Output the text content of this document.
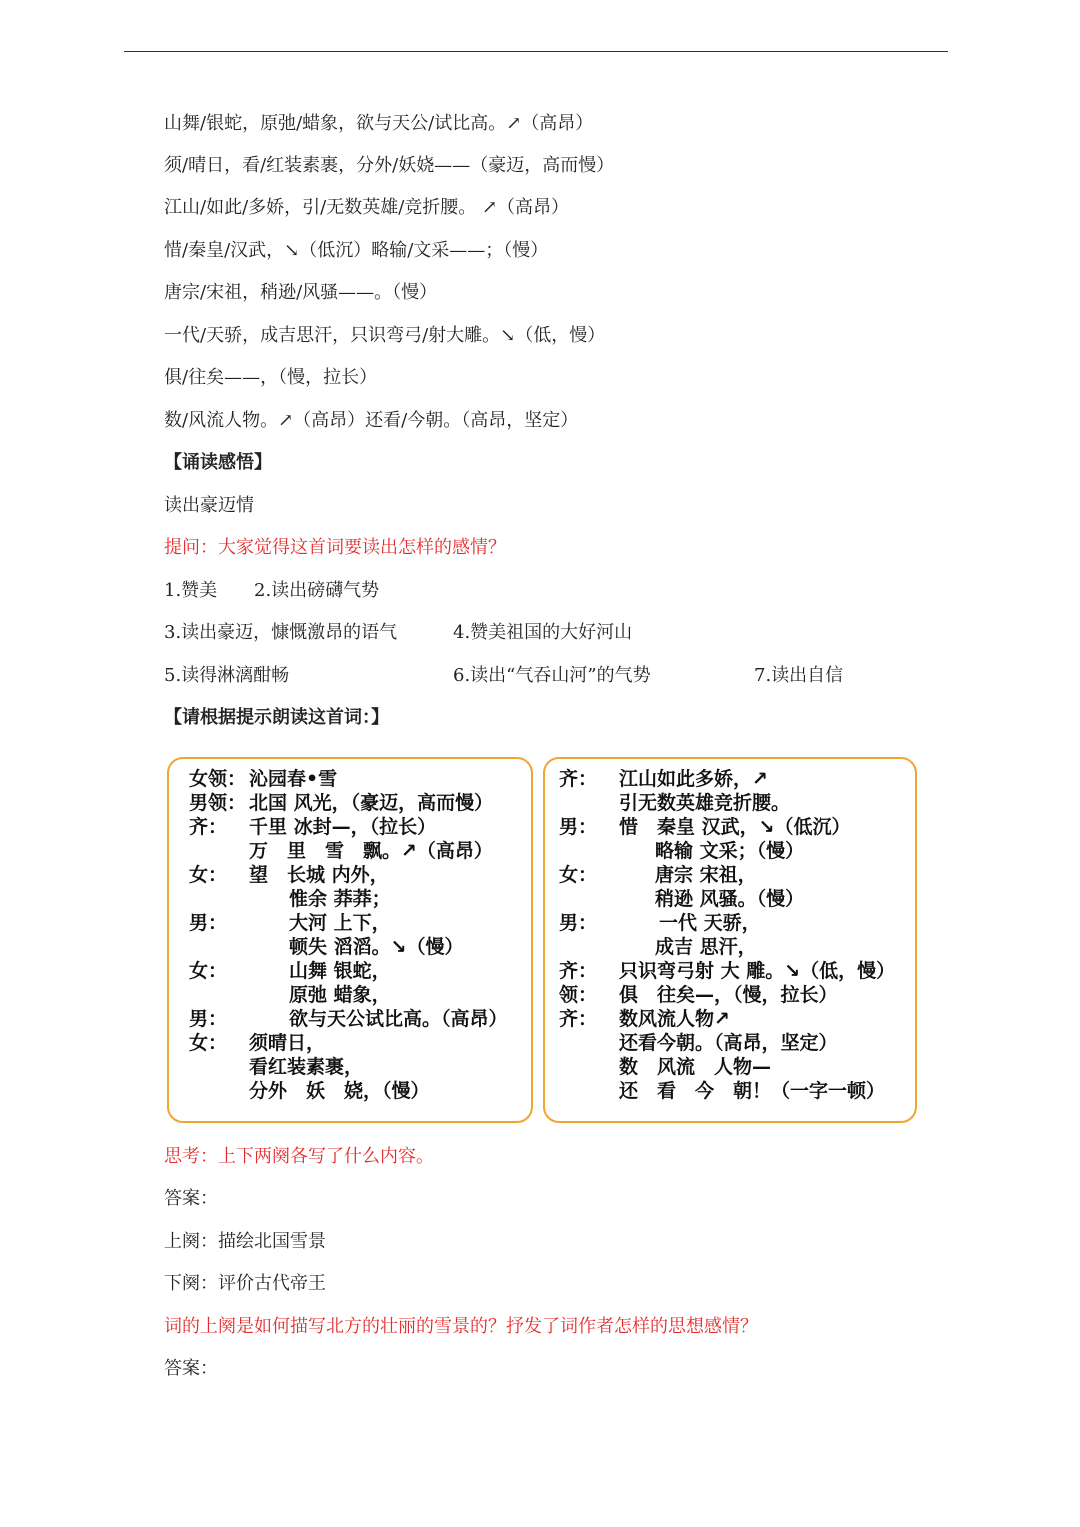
山舞/银蛇，原弛/蜡象，欲与天公/试比高。↗（高昂）
须/晴日，看/红装素裹，分外/妖娆——（豪迈，高而慢）
江山/如此/多娇，引/无数英雄/竞折腰。 ↗（高昂）
惜/秦皇/汉武，↘（低沉）略输/文采——；（慢）
唐宗/宋祖，稍逊/风骚——。（慢）
一代/天骄，成吉思汗，只识弯弓/射大雕。↘（低，慢）
俱/往矣——，（慢，拉长）
数/风流人物。↗（高昂）还看/今朝。（高昂，坚定）
【诵读感悟】
读出豪迈情
提问：大家觉得这首词要读出怎样的感情？
1.赞美 2.读出磅礴气势
3.读出豪迈，慷慨激昂的语气	4.赞美祖国的大好河山
5.读得淋漓酣畅	6.读出“气吞山河”的气势	7.读出自信
【请根据提示朗读这首词：】
女领： 沁园春•雪
男领： 北国 风光，（豪迈，高而慢）
齐： 千里 冰封—，（拉长）
万　里　雪　飘。↗（高昂）
女： 望　长城 内外，
惟余 莽莽；
男：	大河 上下，
顿失 滔滔。↘（慢）
女：	山舞 银蛇，
原弛 蜡象，
男：	欲与天公试比高。（高昂）
女： 须晴日，
看红装素裹，
分外　妖　娆，（慢）
齐： 江山如此多娇，↗
引无数英雄竞折腰。
男： 惜　秦皇 汉武，↘（低沉）
略输 文采；（慢）
女：	唐宗 宋祖，
稍逊 风骚。（慢）
男：	一代 天骄，
成吉 思汗，
齐： 只识弯弓射 大 雕。↘（低，慢）
领： 俱　往矣—，（慢，拉长）
齐： 数风流人物↗
还看今朝。（高昂，坚定）
数　风流　人物—
还　看　今　朝！（一字一顿）
思考：上下两阕各写了什么内容。
答案：
上阕：描绘北国雪景
下阕：评价古代帝王
词的上阕是如何描写北方的壮丽的雪景的？抒发了词作者怎样的思想感情？
答案：
